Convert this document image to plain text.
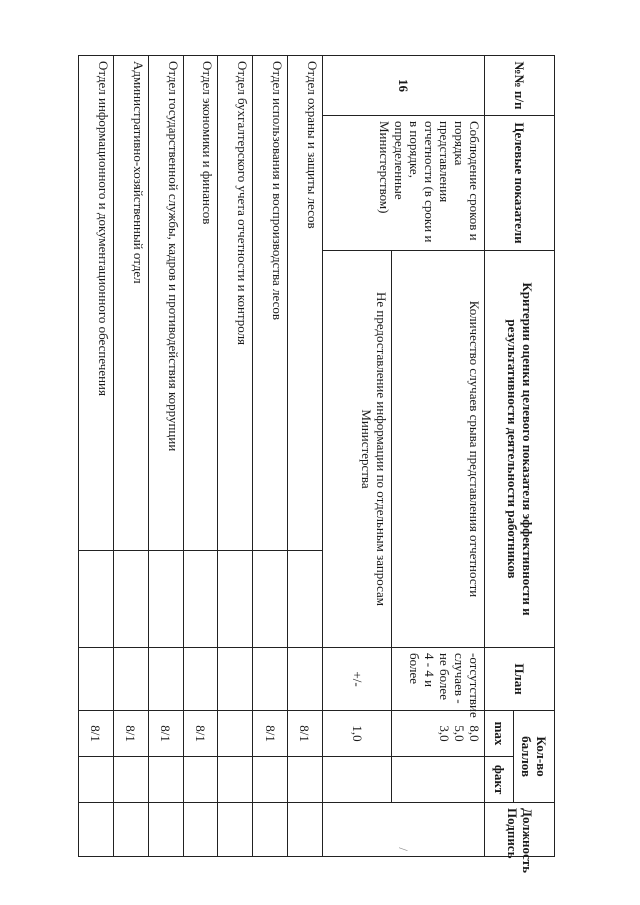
№№ п/п	Целевые показатели	Критерии оценки целевого показателя эффективности и результативности деятельности работников		План	Кол-во баллов		Должность Подпись
					max	факт	
16	Соблюдение сроков и порядка представления отчетности (в сроки и в порядке, определенные Министерством)	Количество случаев срыва представления отчетности		-отсутствие случаев - не более 4 - 4 и более	8,0 5,0 3,0		/
		Не предоставление информации по отдельным запросам Министерства		+/-	1,0		
Отдел охраны и защиты лесов					8/1		
Отдел использования и воспроизводства лесов					8/1		
Отдел бухгалтерского учета отчетности и контроля							
Отдел экономики и финансов					8/1		
Отдел государственной службы, кадров и противодействия коррупции					8/1		
Административно-хозяйственный отдел					8/1		
Отдел информационного и документационного обеспечения					8/1		
